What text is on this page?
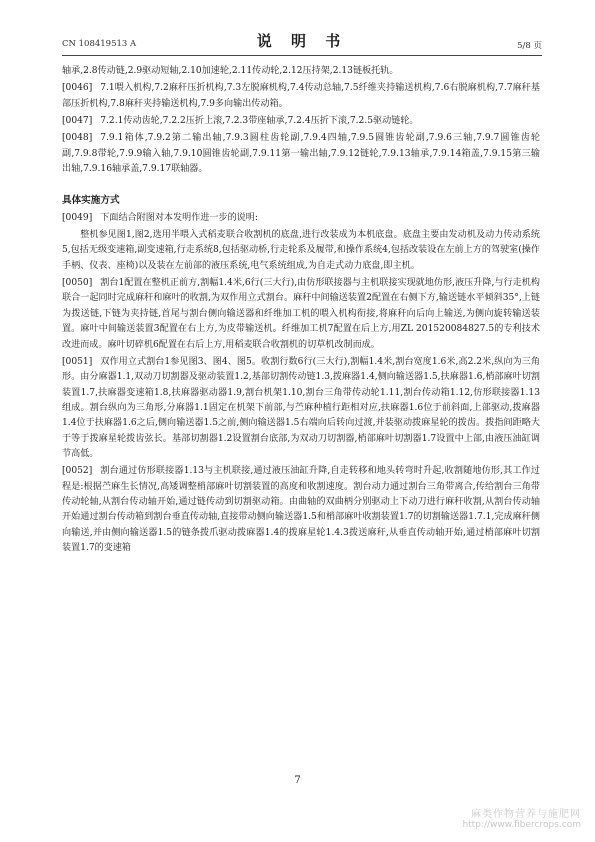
CN 108419513 A	说 明 书	5/8 页
轴承,2.8传动链,2.9驱动短轴,2.10加速轮,2.11传动轮,2.12压持架,2.13链板托轨。
[0046] 7.1喂入机构,7.2麻秆压折机构,7.3左脱麻机构,7.4传动总轴,7.5纤维夹持输送机构,7.6右脱麻机构,7.7麻秆基部压折机构,7.8麻秆夹持输送机构,7.9多向输出传动箱。
[0047] 7.2.1传动齿轮,7.2.2压折上滚,7.2.3带座轴承,7.2.4压折下滚,7.2.5驱动链轮。
[0048] 7.9.1箱体,7.9.2第二输出轴,7.9.3圆柱齿轮副,7.9.4四轴,7.9.5圆锥齿轮副,7.9.6三轴,7.9.7圆锥齿轮副,7.9.8带轮,7.9.9输入轴,7.9.10圆锥齿轮副,7.9.11第一输出轴,7.9.12链轮,7.9.13轴承,7.9.14箱盖,7.9.15第三输出轴,7.9.16轴承盖,7.9.17联轴器。
具体实施方式
[0049] 下面结合附图对本发明作进一步的说明:
整机参见图1,图2,选用半喂入式稻麦联合收割机的底盘,进行改装成为本机底盘。底盘主要由发动机及动力传动系统5,包括无级变速箱,副变速箱,行走系统8,包括驱动桥,行走轮系及履带,和操作系统4,包括改装设在左前上方的驾驶室(操作手柄、仪表、座椅)以及装在左前部的液压系统,电气系统组成,为自走式动力底盘,即主机。
[0050] 割台1配置在整机正前方,割幅1.4米,6行(三大行),由仿形联接器与主机联接实现就地仿形,液压升降,与行走机构联合一起同时完成麻秆和麻叶的收割,为双作用立式割台。麻秆中间输送装置2配置在右侧下方,输送链水平倾斜35°,上链为拨送链,下链为夹持链,首尾与割台侧向输送器和纤维加工机的喂入机构衔接,将麻秆向后向上输送,为侧向旋转输送装置。麻叶中间输送装置3配置在右上方,为皮带输送机。纤维加工机7配置在后上方,用ZL 201520084827.5的专利技术改进而成。麻叶切碎机6配置在右后上方,用稻麦联合收割机的切草机改制而成。
[0051] 双作用立式割台1参见图3、图4、图5。收割行数6行(三大行),割幅1.4米,割台宽度1.6米,高2.2米,纵向为三角形。由分麻器1.1,双动刀切割器及驱动装置1.2,基部切割传动链1.3,拨麻器1.4,侧向输送器1.5,扶麻器1.6,梢部麻叶切割装置1.7,扶麻器变速箱1.8,扶麻器驱动器1.9,割台机架1.10,割台三角带传动轮1.11,割台传动箱1.12,仿形联接器1.13组成。割台纵向为三角形,分麻器1.1固定在机架下前部,与苎麻种植行距相对应,扶麻器1.6位于前斜面,上部驱动,拨麻器1.4位于扶麻器1.6之后,侧向输送器1.5之前,侧向输送器1.5右端向后转向过渡,并装驱动拨麻星轮的拨齿。拨指间距略大于等于拨麻星轮拨齿弦长。基部切割器1.2设置割台底部,为双动刀切割器,梢部麻叶切割器1.7设置中上部,由液压油缸调节高低。
[0052] 割台通过仿形联接器1.13与主机联接,通过液压油缸升降,自走转移和地头转弯时升起,收割随地仿形,其工作过程是:根据苎麻生长情况,高矮调整梢部麻叶切割装置的高度和收割速度。割台动力通过割台三角带离合,传给割台三角带传动轮轴,从割台传动轴开始,通过链传动到切割驱动箱。由曲轴的双曲柄分别驱动上下动刀进行麻秆收割,从割台传动轴开始通过割台传动箱到割台垂直传动轴,直接带动侧向输送器1.5和梢部麻叶收割装置1.7的切割输送器1.7.1,完成麻秆侧向输送,并由侧向输送器1.5的链条拨爪驱动拨麻器1.4的拨麻星轮1.4.3拨送麻秆,从垂直传动轴开始,通过梢部麻叶切割装置1.7的变速箱
7
麻类作物营养与施肥网
http://www.fibercrops.com
